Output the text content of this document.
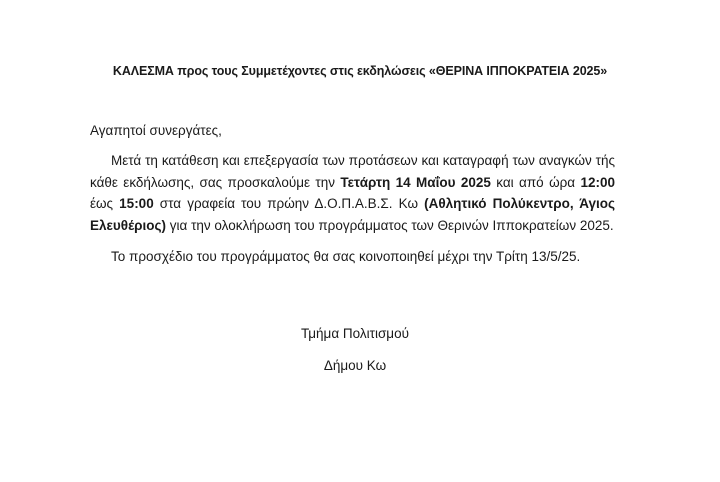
ΚΑΛΕΣΜΑ προς τους Συμμετέχοντες στις εκδηλώσεις «ΘΕΡΙΝΑ ΙΠΠΟΚΡΑΤΕΙΑ 2025»
Αγαπητοί συνεργάτες,

Μετά τη κατάθεση και επεξεργασία των προτάσεων και καταγραφή των αναγκών τής κάθε εκδήλωσης, σας προσκαλούμε την Τετάρτη 14 Μαΐου 2025 και από ώρα 12:00 έως 15:00 στα γραφεία του πρώην Δ.Ο.Π.Α.Β.Σ. Κω (Αθλητικό Πολύκεντρο, Άγιος Ελευθέριος) για την ολοκλήρωση του προγράμματος των Θερινών Ιπποκρατείων 2025.

Το προσχέδιο του προγράμματος θα σας κοινοποιηθεί μέχρι την Τρίτη 13/5/25.

Τμήμα Πολιτισμού
Δήμου Κω
